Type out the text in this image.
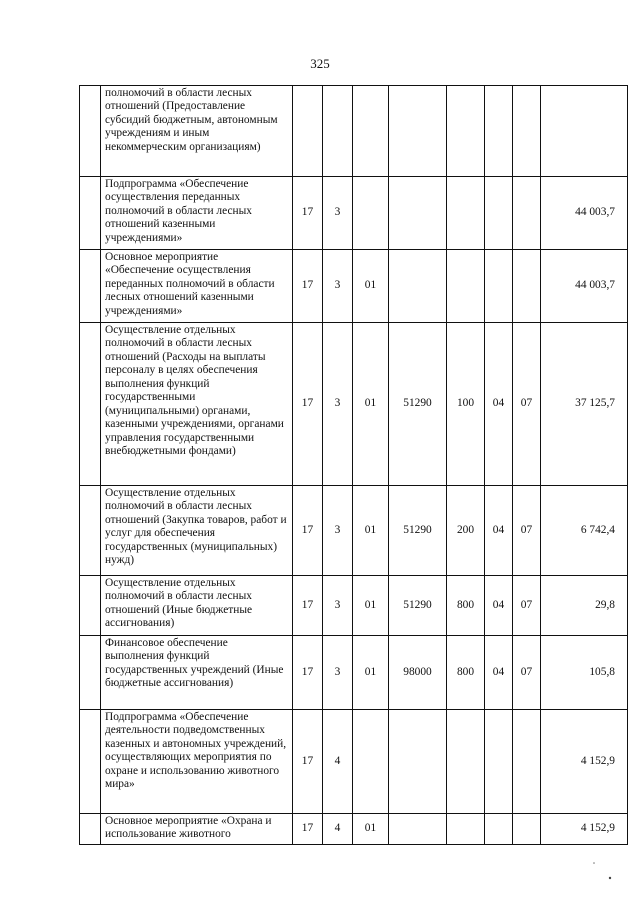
325
	полномочий в области лесных отношений (Предоставление субсидий бюджетным, автономным учреждениям и иным некоммерческим организациям)								
	Подпрограмма «Обеспечение осуществления переданных полномочий в области лесных отношений казенными учреждениями»	17	3						44 003,7
	Основное мероприятие «Обеспечение осуществления переданных полномочий в области лесных отношений казенными учреждениями»	17	3	01					44 003,7
	Осуществление отдельных полномочий в области лесных отношений (Расходы на выплаты персоналу в целях обеспечения выполнения функций государственными (муниципальными) органами, казенными учреждениями, органами управления государственными внебюджетными фондами)	17	3	01	51290	100	04	07	37 125,7
	Осуществление отдельных полномочий в области лесных отношений (Закупка товаров, работ и услуг для обеспечения государственных (муниципальных) нужд)	17	3	01	51290	200	04	07	6 742,4
	Осуществление отдельных полномочий в области лесных отношений (Иные бюджетные ассигнования)	17	3	01	51290	800	04	07	29,8
	Финансовое обеспечение выполнения функций государственных учреждений (Иные бюджетные ассигнования)	17	3	01	98000	800	04	07	105,8
	Подпрограмма «Обеспечение деятельности подведомственных казенных и автономных учреждений, осуществляющих мероприятия по охране и использованию животного мира»	17	4						4 152,9
	Основное мероприятие «Охрана и использование животного	17	4	01					4 152,9
